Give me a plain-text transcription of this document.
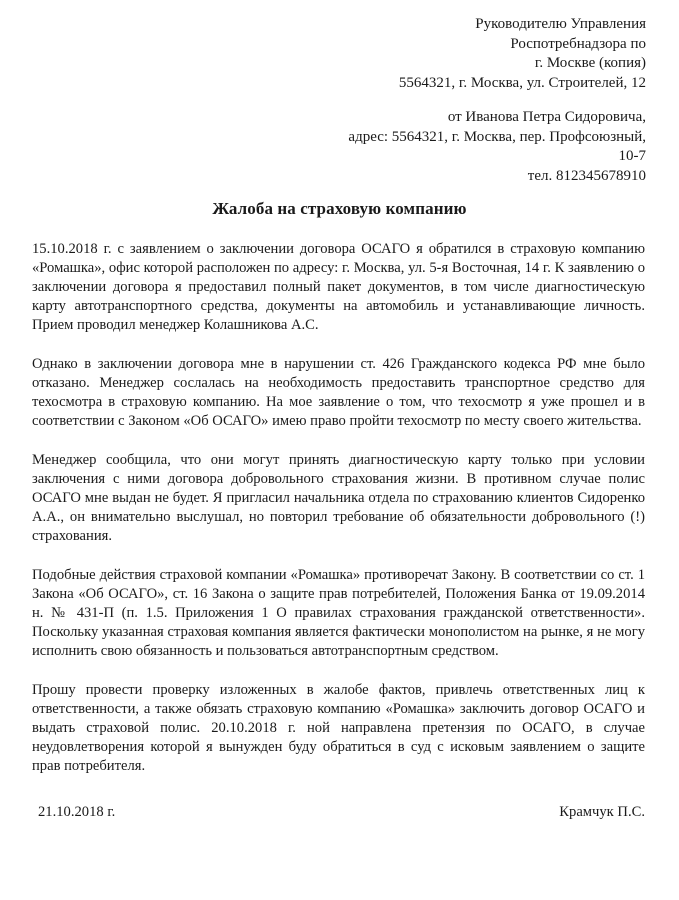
Руководителю Управления
Роспотребнадзора по
г. Москве (копия)
5564321, г. Москва, ул. Строителей, 12
от Иванова Петра Сидоровича,
адрес: 5564321, г. Москва, пер. Профсоюзный,
10-7
тел. 812345678910
Жалоба на страховую компанию

15.10.2018 г. с заявлением о заключении договора ОСАГО я обратился в страховую компанию «Ромашка», офис которой расположен по адресу: г. Москва, ул. 5-я Восточная, 14 г. К заявлению о заключении договора я предоставил полный пакет документов, в том числе диагностическую карту автотранспортного средства, документы на автомобиль и устанавливающие личность. Прием проводил менеджер Колашникова А.С.

Однако в заключении договора мне в нарушении ст. 426 Гражданского кодекса РФ мне было отказано. Менеджер сослалась на необходимость предоставить транспортное средство для техосмотра в страховую компанию. На мое заявление о том, что техосмотр я уже прошел и в соответствии с Законом «Об ОСАГО» имею право пройти техосмотр по месту своего жительства.

Менеджер сообщила, что они могут принять диагностическую карту только при условии заключения с ними договора добровольного страхования жизни. В противном случае полис ОСАГО мне выдан не будет. Я пригласил начальника отдела по страхованию клиентов Сидоренко А.А., он внимательно выслушал, но повторил требование об обязательности добровольного (!) страхования.

Подобные действия страховой компании «Ромашка» противоречат Закону. В соответствии со ст. 1 Закона «Об ОСАГО», ст. 16 Закона о защите прав потребителей, Положения Банка от 19.09.2014 н. № 431-П (п. 1.5. Приложения 1 О правилах страхования гражданской ответственности». Поскольку указанная страховая компания является фактически монополистом на рынке, я не могу исполнить свою обязанность и пользоваться автотранспортным средством.

Прошу провести проверку изложенных в жалобе фактов, привлечь ответственных лиц к ответственности, а также обязать страховую компанию «Ромашка» заключить договор ОСАГО и выдать страховой полис. 20.10.2018 г. ной направлена претензия по ОСАГО, в случае неудовлетворения которой я вынужден буду обратиться в суд с исковым заявлением о защите прав потребителя.

21.10.2018 г.	Крамчук П.С.
